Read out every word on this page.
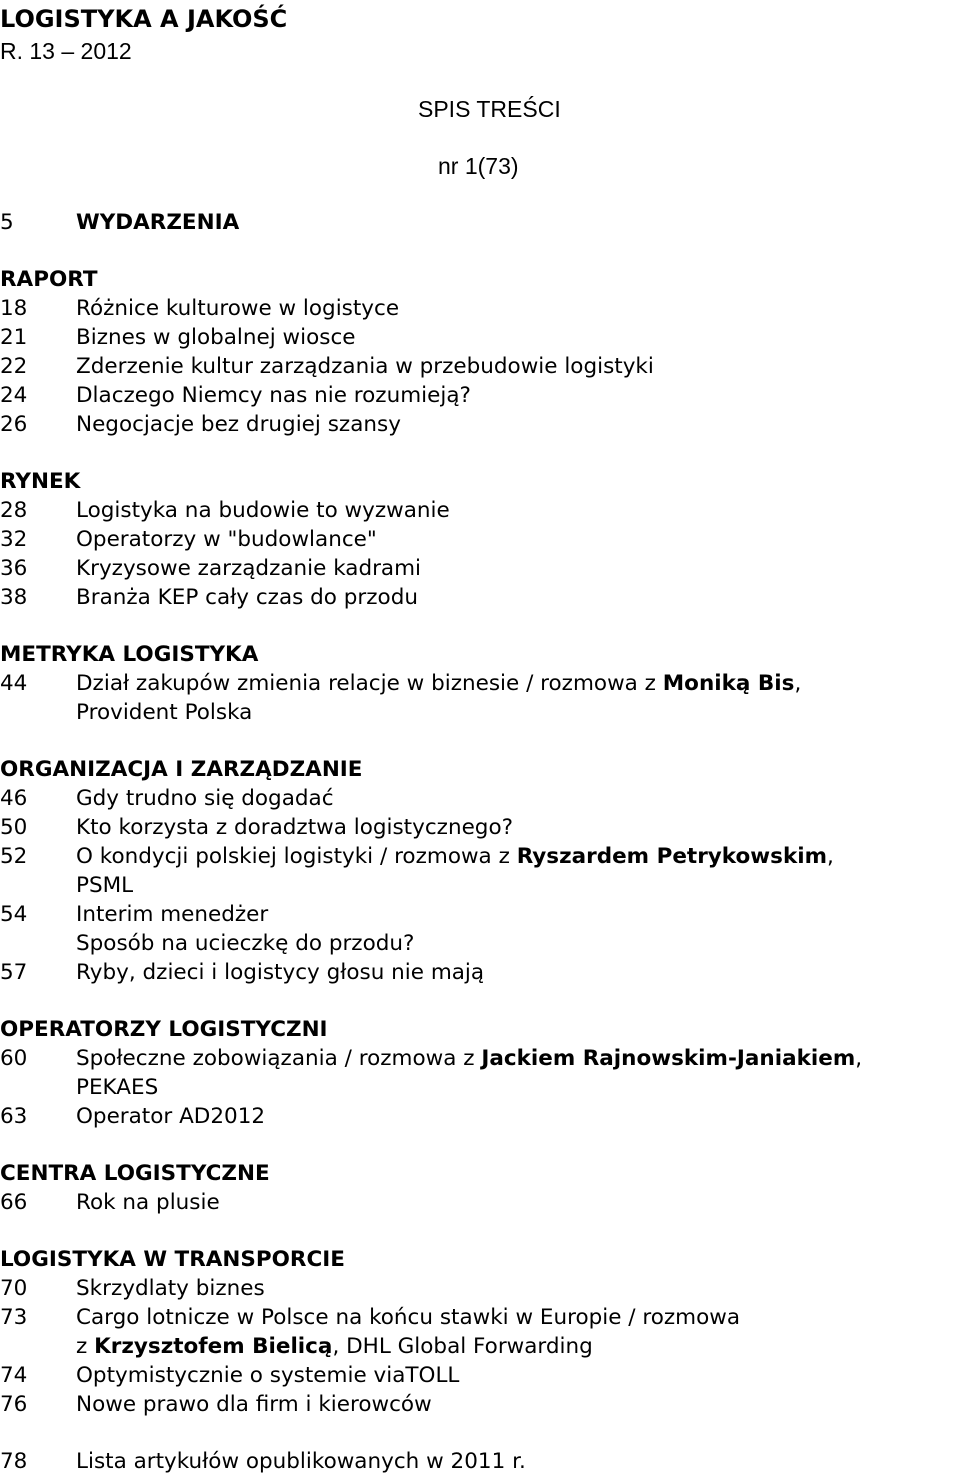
LOGISTYKA A JAKOŚĆ
R. 13 – 2012
SPIS TREŚCI
nr 1(73)
5	WYDARZENIA
RAPORT
18 Różnice kulturowe w logistyce
21 Biznes w globalnej wiosce
22 Zderzenie kultur zarządzania w przebudowie logistyki
24 Dlaczego Niemcy nas nie rozumieją?
26 Negocjacje bez drugiej szansy
RYNEK
28 Logistyka na budowie to wyzwanie
32 Operatorzy w "budowlance"
36 Kryzysowe zarządzanie kadrami
38 Branża KEP cały czas do przodu
METRYKA LOGISTYKA
44 Dział zakupów zmienia relacje w biznesie / rozmowa z Moniką Bis,
Provident Polska
ORGANIZACJA I ZARZĄDZANIE
46 Gdy trudno się dogadać
50 Kto korzysta z doradztwa logistycznego?
52 O kondycji polskiej logistyki / rozmowa z Ryszardem Petrykowskim,
PSML
54 Interim menedżer
Sposób na ucieczkę do przodu?
57 Ryby, dzieci i logistycy głosu nie mają
OPERATORZY LOGISTYCZNI
60 Społeczne zobowiązania / rozmowa z Jackiem Rajnowskim-Janiakiem,
PEKAES
63 Operator AD2012
CENTRA LOGISTYCZNE
66 Rok na plusie
LOGISTYKA W TRANSPORCIE
70 Skrzydlaty biznes
73 Cargo lotnicze w Polsce na końcu stawki w Europie / rozmowa
z Krzysztofem Bielicą, DHL Global Forwarding
74 Optymistycznie o systemie viaTOLL
76 Nowe prawo dla firm i kierowców
78 Lista artykułów opublikowanych w 2011 r.
